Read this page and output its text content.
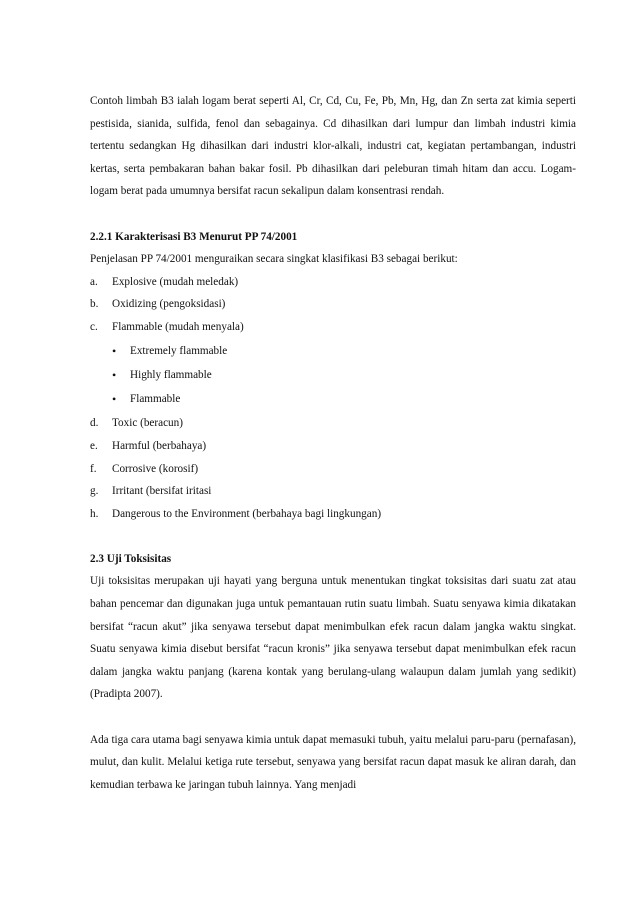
Contoh limbah B3 ialah logam berat seperti Al, Cr, Cd, Cu, Fe, Pb, Mn, Hg, dan Zn serta zat kimia seperti pestisida, sianida, sulfida, fenol dan sebagainya. Cd dihasilkan dari lumpur dan limbah industri kimia tertentu sedangkan Hg dihasilkan dari industri klor-alkali, industri cat, kegiatan pertambangan, industri kertas, serta pembakaran bahan bakar fosil. Pb dihasilkan dari peleburan timah hitam dan accu. Logam-logam berat pada umumnya bersifat racun sekalipun dalam konsentrasi rendah.

2.2.1 Karakterisasi B3 Menurut PP 74/2001

Penjelasan PP 74/2001 menguraikan secara singkat klasifikasi B3 sebagai berikut:

a. Explosive (mudah meledak)
b. Oxidizing (pengoksidasi)
c. Flammable (mudah menyala)
• Extremely flammable
• Highly flammable
• Flammable
d. Toxic (beracun)
e. Harmful (berbahaya)
f. Corrosive (korosif)
g. Irritant (bersifat iritasi
h. Dangerous to the Environment (berbahaya bagi lingkungan)

2.3 Uji Toksisitas

Uji toksisitas merupakan uji hayati yang berguna untuk menentukan tingkat toksisitas dari suatu zat atau bahan pencemar dan digunakan juga untuk pemantauan rutin suatu limbah. Suatu senyawa kimia dikatakan bersifat “racun akut” jika senyawa tersebut dapat menimbulkan efek racun dalam jangka waktu singkat. Suatu senyawa kimia disebut bersifat “racun kronis” jika senyawa tersebut dapat menimbulkan efek racun dalam jangka waktu panjang (karena kontak yang berulang-ulang walaupun dalam jumlah yang sedikit) (Pradipta 2007).

Ada tiga cara utama bagi senyawa kimia untuk dapat memasuki tubuh, yaitu melalui paru-paru (pernafasan), mulut, dan kulit. Melalui ketiga rute tersebut, senyawa yang bersifat racun dapat masuk ke aliran darah, dan kemudian terbawa ke jaringan tubuh lainnya. Yang menjadi
